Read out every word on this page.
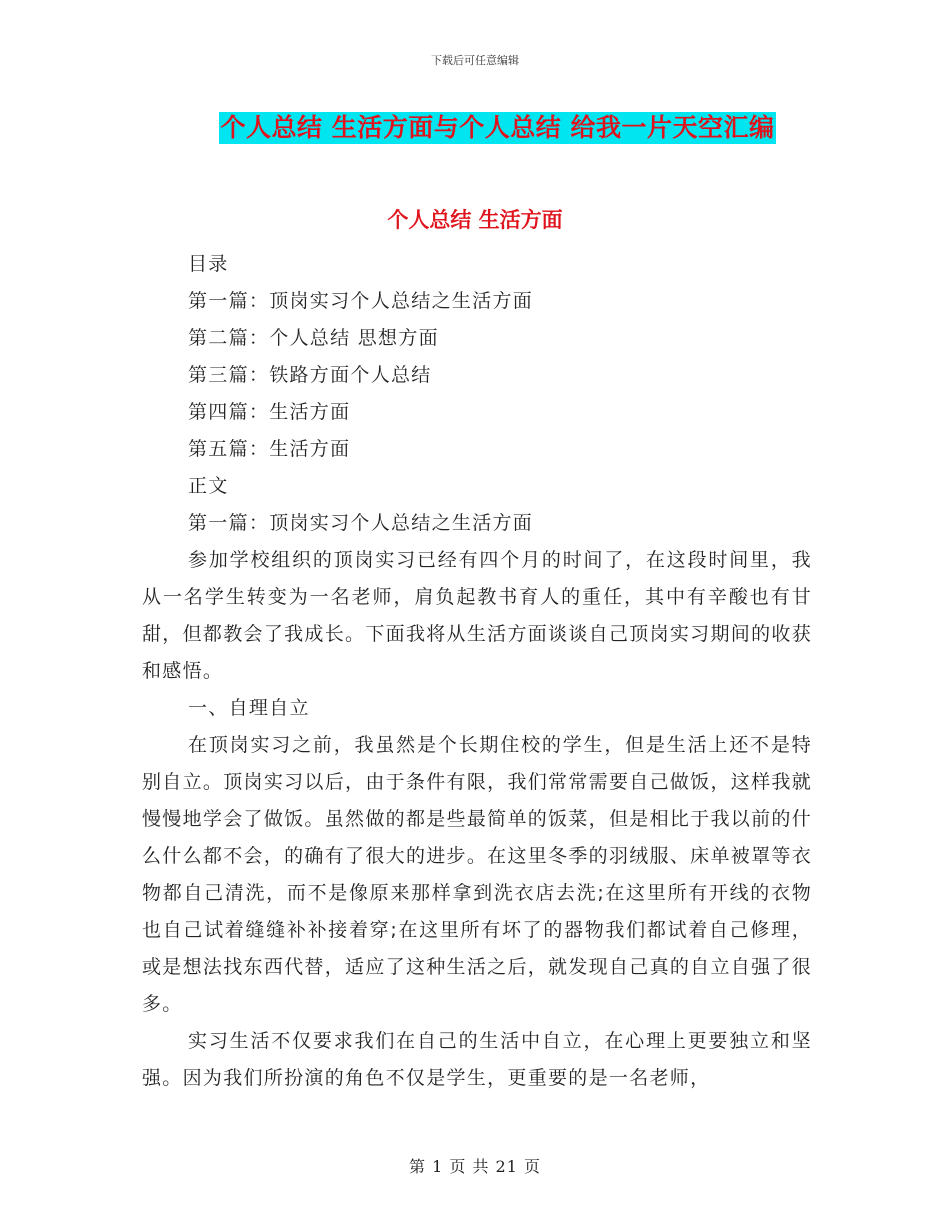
下载后可任意编辑
个人总结 生活方面与个人总结 给我一片天空汇编
个人总结 生活方面
目录
第一篇：顶岗实习个人总结之生活方面
第二篇：个人总结 思想方面
第三篇：铁路方面个人总结
第四篇：生活方面
第五篇：生活方面
正文
第一篇：顶岗实习个人总结之生活方面

参加学校组织的顶岗实习已经有四个月的时间了，在这段时间里，我从一名学生转变为一名老师，肩负起教书育人的重任，其中有辛酸也有甘甜，但都教会了我成长。下面我将从生活方面谈谈自己顶岗实习期间的收获和感悟。

一、自理自立

在顶岗实习之前，我虽然是个长期住校的学生，但是生活上还不是特别自立。顶岗实习以后，由于条件有限，我们常常需要自己做饭，这样我就慢慢地学会了做饭。虽然做的都是些最简单的饭菜，但是相比于我以前的什么什么都不会，的确有了很大的进步。在这里冬季的羽绒服、床单被罩等衣物都自己清洗，而不是像原来那样拿到洗衣店去洗;在这里所有开线的衣物也自己试着缝缝补补接着穿;在这里所有坏了的器物我们都试着自己修理，或是想法找东西代替，适应了这种生活之后，就发现自己真的自立自强了很多。

实习生活不仅要求我们在自己的生活中自立，在心理上更要独立和坚强。因为我们所扮演的角色不仅是学生，更重要的是一名老师，

第 1 页 共 21 页
